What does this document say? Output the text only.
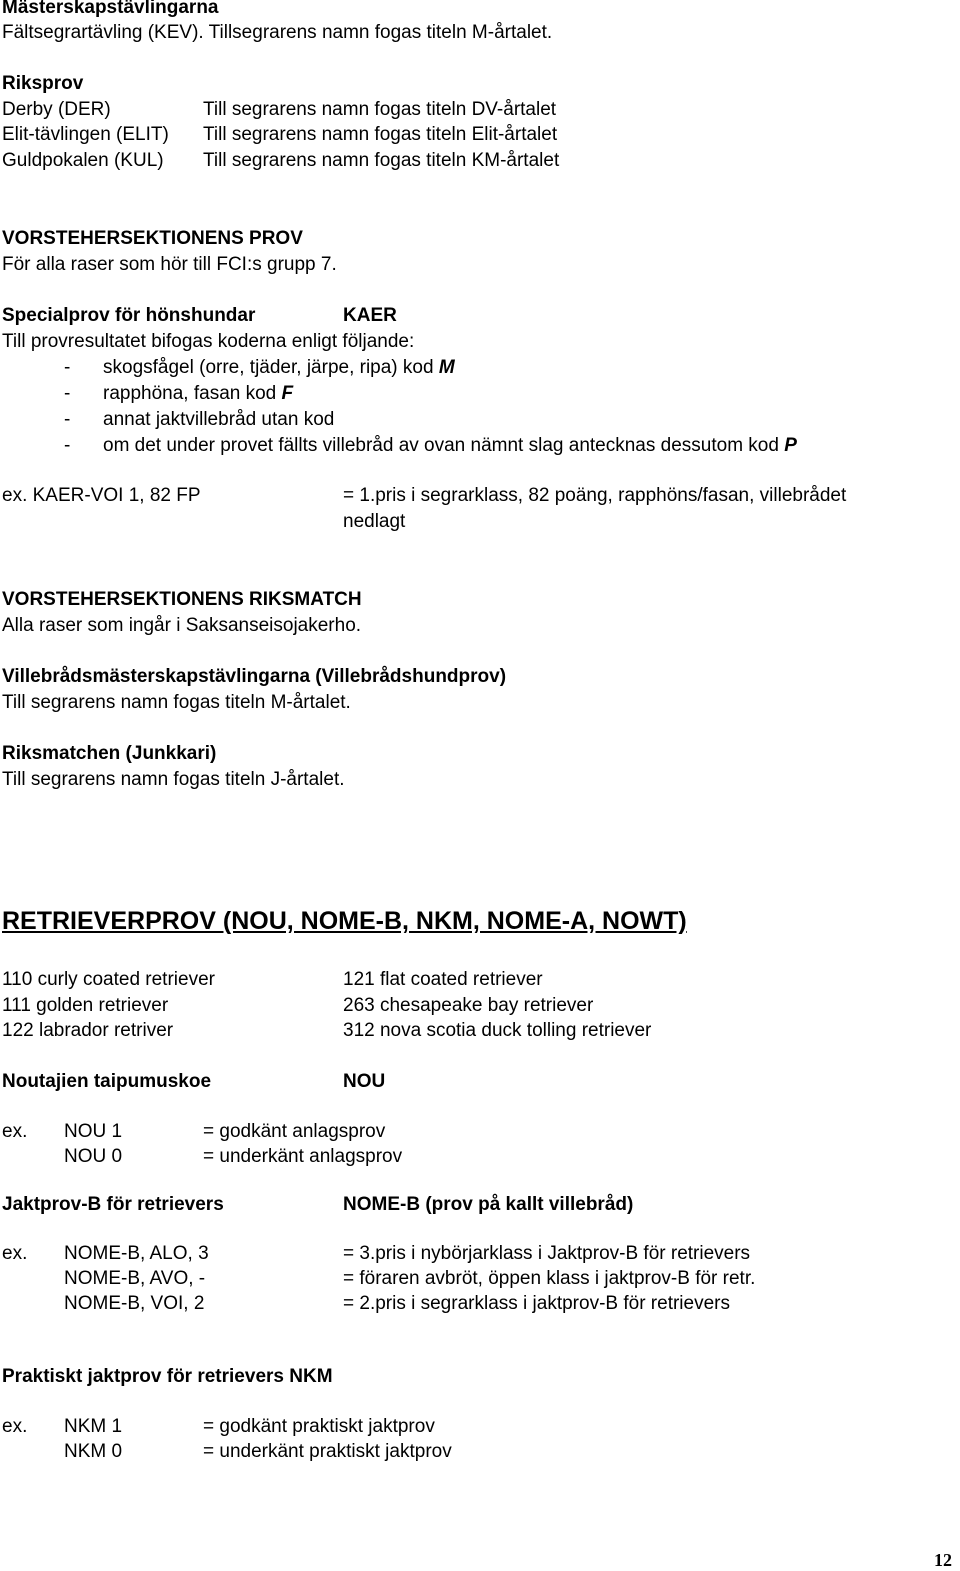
Mästerskapstävlingarna
Fältsegrartävling (KEV). Tillsegrarens namn fogas titeln M-årtalet.
Riksprov
Derby (DER)	Till segrarens namn fogas titeln DV-årtalet
Elit-tävlingen (ELIT) Till segrarens namn fogas titeln Elit-årtalet
Guldpokalen (KUL) Till segrarens namn fogas titeln KM-årtalet
VORSTEHERSEKTIONENS PROV
För alla raser som hör till FCI:s grupp 7.
Specialprov för hönshundar	KAER
Till provresultatet bifogas koderna enligt följande:
- skogsfågel (orre, tjäder, järpe, ripa) kod M
- rapphöna, fasan kod F
- annat jaktvillebråd utan kod
- om det under provet fällts villebråd av ovan nämnt slag antecknas dessutom kod P
ex. KAER-VOI 1, 82 FP	= 1.pris i segrarklass, 82 poäng, rapphöns/fasan, villebrådet
nedlagt
VORSTEHERSEKTIONENS RIKSMATCH
Alla raser som ingår i Saksanseisojakerho.
Villebrådsmästerskapstävlingarna (Villebrådshundprov)
Till segrarens namn fogas titeln M-årtalet.
Riksmatchen (Junkkari)
Till segrarens namn fogas titeln J-årtalet.
RETRIEVERPROV (NOU, NOME-B, NKM, NOME-A, NOWT)
110 curly coated retriever	121 flat coated retriever
111 golden retriever	263 chesapeake bay retriever
122 labrador retriver	312 nova scotia duck tolling retriever
Noutajien taipumuskoe	NOU
ex. NOU 1	= godkänt anlagsprov
NOU 0	= underkänt anlagsprov
Jaktprov-B för retrievers	NOME-B (prov på kallt villebråd)
ex. NOME-B, ALO, 3	= 3.pris i nybörjarklass i Jaktprov-B för retrievers
NOME-B, AVO, -	= föraren avbröt, öppen klass i jaktprov-B för retr.
NOME-B, VOI, 2	= 2.pris i segrarklass i jaktprov-B för retrievers
Praktiskt jaktprov för retrievers NKM
ex. NKM 1	= godkänt praktiskt jaktprov
NKM 0	= underkänt praktiskt jaktprov
12
